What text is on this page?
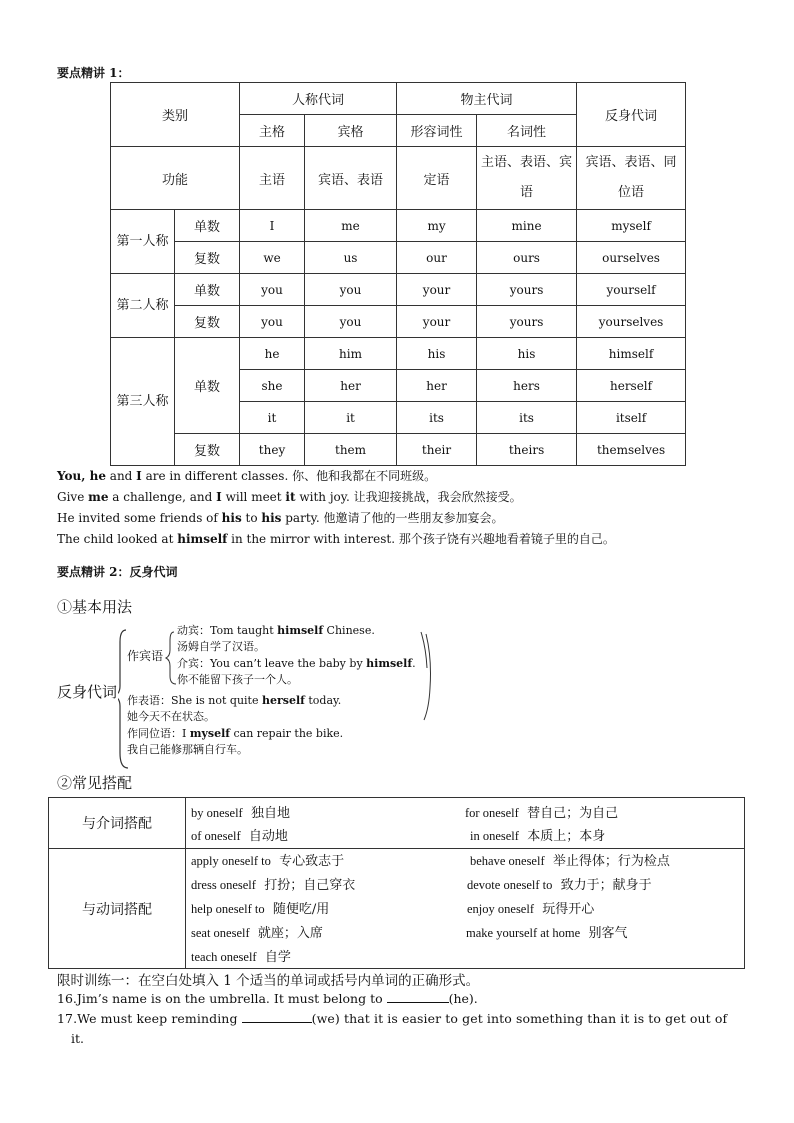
要点精讲 1：
类别		人称代词		物主代词		反身代词
		主格	宾格	形容词性	名词性	
功能		主语	宾语、表语	定语	主语、表语、宾语	宾语、表语、同位语
第一人称	单数	I	me	my	mine	myself
	复数	we	us	our	ours	ourselves
第二人称	单数	you	you	your	yours	yourself
	复数	you	you	your	yours	yourselves
第三人称	单数	he	him	his	his	himself
		she	her	her	hers	herself
		it	it	its	its	itself
	复数	they	them	their	theirs	themselves
You, he and I are in different classes. 你、他和我都在不同班级。
Give me a challenge, and I will meet it with joy. 让我迎接挑战，我会欣然接受。
He invited some friends of his to his party. 他邀请了他的一些朋友参加宴会。
The child looked at himself in the mirror with interest. 那个孩子饶有兴趣地看着镜子里的自己。
要点精讲 2：反身代词
①基本用法
反身代词
作宾语
动宾：Tom taught himself Chinese.
汤姆自学了汉语。
介宾：You can’t leave the baby by himself.
你不能留下孩子一个人。
作表语：She is not quite herself today.
她今天不在状态。
作同位语：I myself can repair the bike.
我自己能修那辆自行车。
②常见搭配
与介词搭配	
与动词搭配	
by oneself 独自地	for oneself 替自己；为自己
of oneself 自动地	in oneself 本质上；本身
apply oneself to 专心致志于	behave oneself 举止得体；行为检点
dress oneself 打扮；自己穿衣	devote oneself to 致力于；献身于
help oneself to 随便吃/用	enjoy oneself 玩得开心
seat oneself 就座；入席	make yourself at home 别客气
teach oneself 自学
限时训练一：在空白处填入 1 个适当的单词或括号内单词的正确形式。
16.Jim’s name is on the umbrella. It must belong to	(he).
17.We must keep reminding	(we) that it is easier to get into something than it is to get out of
it.
